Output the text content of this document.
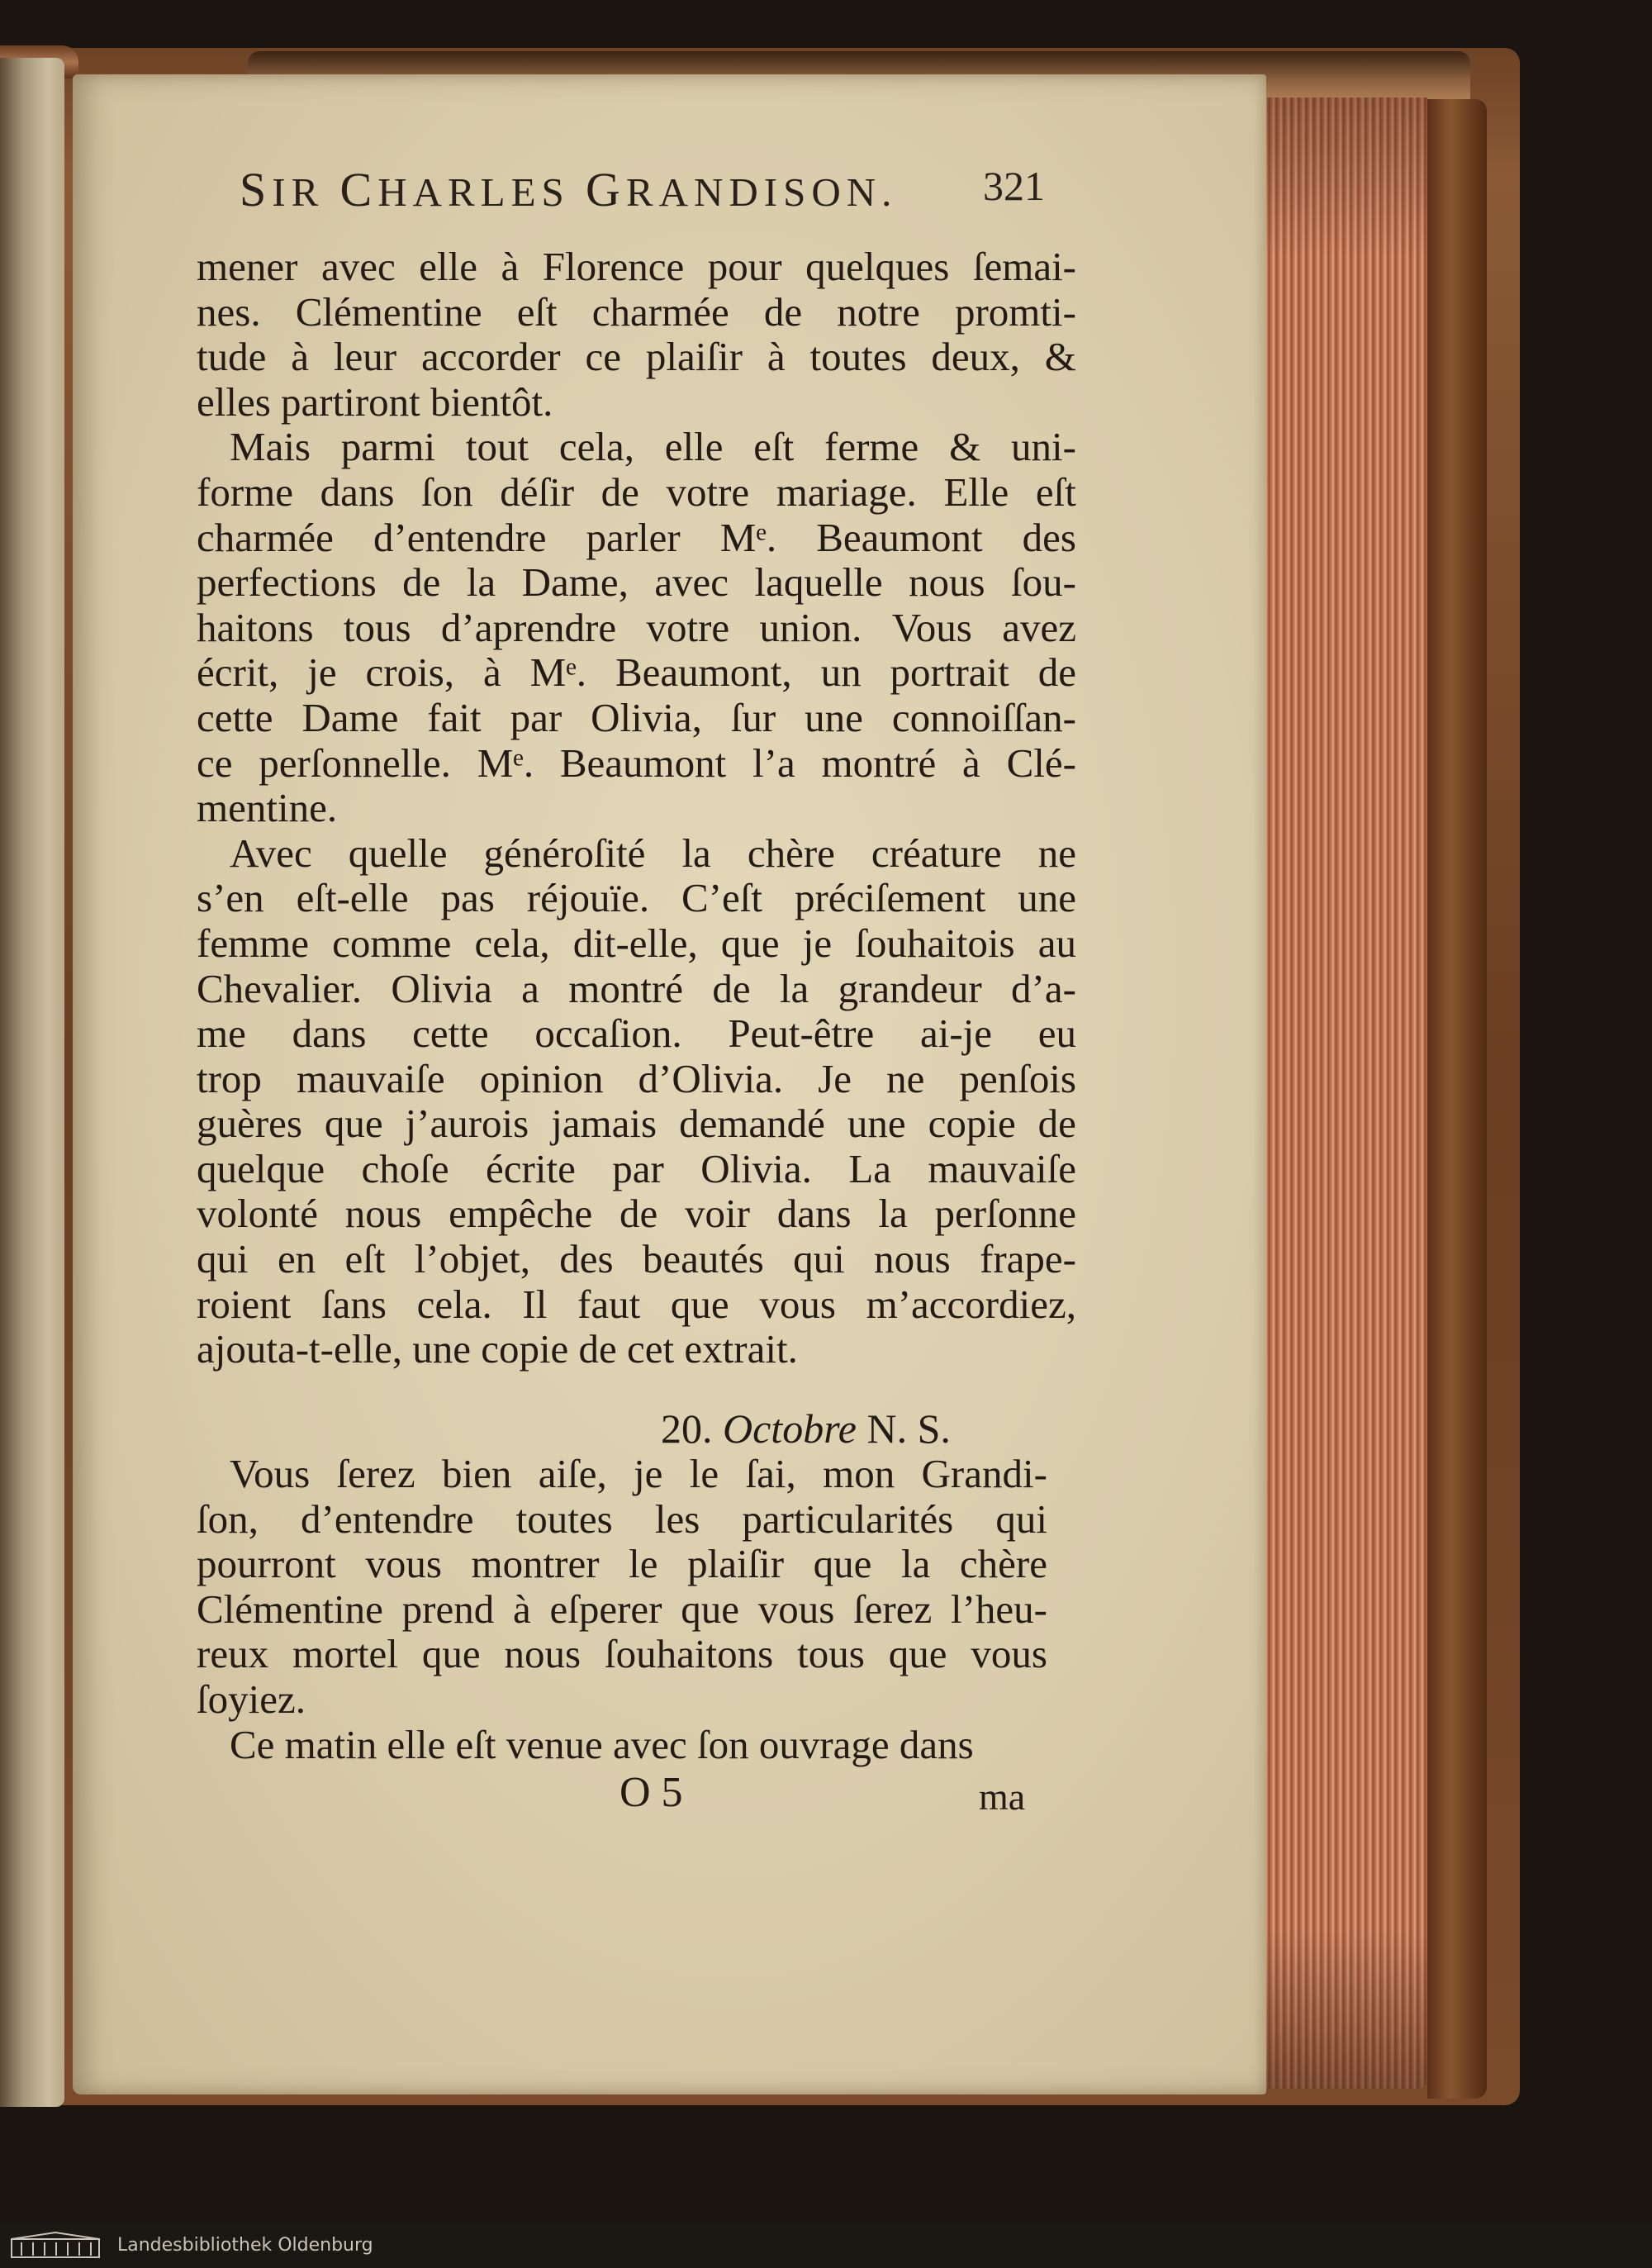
SIR CHARLES GRANDISON.	321
mener avec elle à Florence pour quelques ſemai-
nes. Clémentine eſt charmée de notre promti-
tude à leur accorder ce plaiſir à toutes deux, &
elles partiront bientôt.
Mais parmi tout cela, elle eſt ferme & uni-
forme dans ſon déſir de votre mariage. Elle eſt
charmée d’entendre parler Mᵉ. Beaumont des
perfections de la Dame, avec laquelle nous ſou-
haitons tous d’aprendre votre union. Vous avez
écrit, je crois, à Mᵉ. Beaumont, un portrait de
cette Dame fait par Olivia, ſur une connoiſſan-
ce perſonnelle. Mᵉ. Beaumont l’a montré à Clé-
mentine.
Avec quelle généroſité la chère créature ne
s’en eſt-elle pas réjouïe. C’eſt préciſement une
femme comme cela, dit-elle, que je ſouhaitois au
Chevalier. Olivia a montré de la grandeur d’a-
me dans cette occaſion. Peut-être ai-je eu
trop mauvaiſe opinion d’Olivia. Je ne penſois
guères que j’aurois jamais demandé une copie de
quelque choſe écrite par Olivia. La mauvaiſe
volonté nous empêche de voir dans la perſonne
qui en eſt l’objet, des beautés qui nous frape-
roient ſans cela. Il faut que vous m’accordiez,
ajouta-t-elle, une copie de cet extrait.
20. Octobre N. S.
Vous ſerez bien aiſe, je le ſai, mon Grandi-
ſon, d’entendre toutes les particularités qui
pourront vous montrer le plaiſir que la chère
Clémentine prend à eſperer que vous ſerez l’heu-
reux mortel que nous ſouhaitons tous que vous
ſoyiez.
Ce matin elle eſt venue avec ſon ouvrage dans
O 5	ma
Landesbibliothek Oldenburg
